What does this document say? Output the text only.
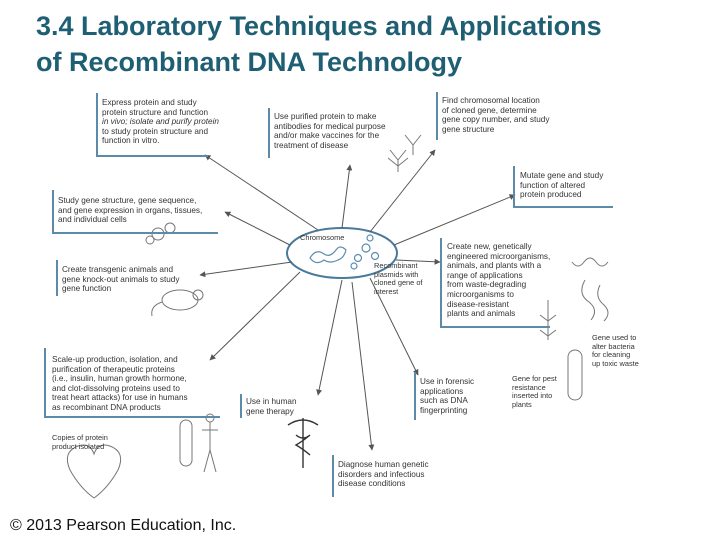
3.4 Laboratory Techniques and Applications
of Recombinant DNA Technology
Express protein and study
protein structure and function
in vivo; isolate and purify protein
to study protein structure and
function in vitro.
Use purified protein to make
antibodies for medical purpose
and/or make vaccines for the
treatment of disease
Find chromosomal location
of cloned gene, determine
gene copy number, and study
gene structure
Mutate gene and study
function of altered
protein produced
Study gene structure, gene sequence,
and gene expression in organs, tissues,
and individual cells
Create transgenic animals and
gene knock-out animals to study
gene function
Create new, genetically
engineered microorganisms,
animals, and plants with a
range of applications
from waste-degrading
microorganisms to
disease-resistant
plants and animals
Scale-up production, isolation, and
purification of therapeutic proteins
(i.e., insulin, human growth hormone,
and clot-dissolving proteins used to
treat heart attacks) for use in humans
as recombinant DNA products
Use in human
gene therapy
Use in forensic
applications
such as DNA
fingerprinting
Diagnose human genetic
disorders and infectious
disease conditions
Chromosome
Recombinant
plasmids with
cloned gene of
interest
Copies of protein
product isolated
Gene used to
alter bacteria
for cleaning
up toxic waste
Gene for pest
resistance
inserted into
plants
© 2013 Pearson Education, Inc.
